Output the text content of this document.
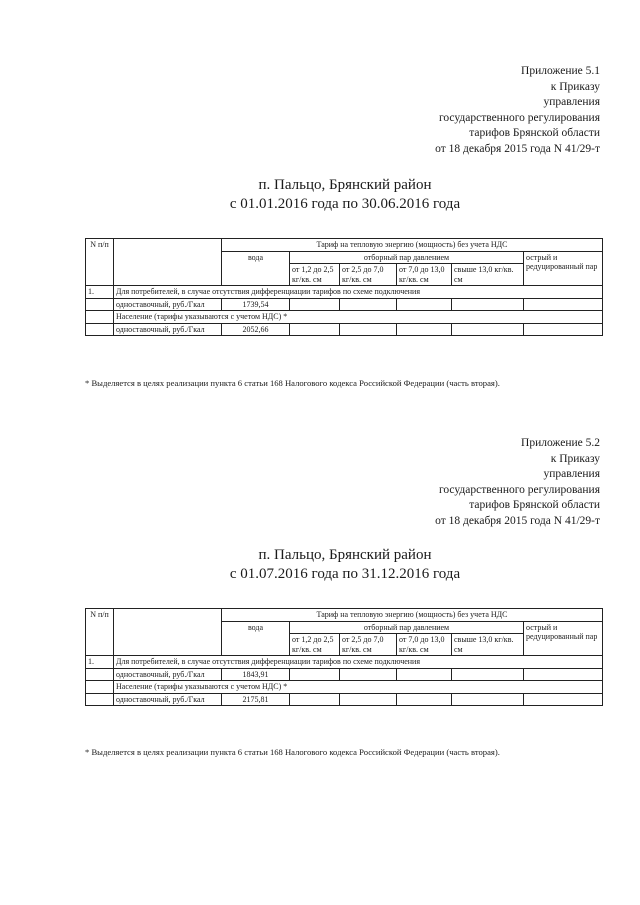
Приложение 5.1
к Приказу
управления
государственного регулирования
тарифов Брянской области
от 18 декабря 2015 года N 41/29-т
п. Пальцо, Брянский район
с 01.01.2016 года по 30.06.2016 года
N п/п		Тариф на тепловую энергию (мощность) без учета НДС					
		вода	отборный пар давлением				острый и редуцированный пар
			от 1,2 до 2,5 кг/кв. см	от 2,5 до 7,0 кг/кв. см	от 7,0 до 13,0 кг/кв. см	свыше 13,0 кг/кв. см	
1.	Для потребителей, в случае отсутствия дифференциации тарифов по схеме подключения						
	одноставочный, руб./Гкал	1739,54					
	Население (тарифы указываются с учетом НДС) *						
	одноставочный, руб./Гкал	2052,66					
* Выделяется в целях реализации пункта 6 статьи 168 Налогового кодекса Российской Федерации (часть вторая).
Приложение 5.2
к Приказу
управления
государственного регулирования
тарифов Брянской области
от 18 декабря 2015 года N 41/29-т
п. Пальцо, Брянский район
с 01.07.2016 года по 31.12.2016 года
N п/п		Тариф на тепловую энергию (мощность) без учета НДС					
		вода	отборный пар давлением				острый и редуцированный пар
			от 1,2 до 2,5 кг/кв. см	от 2,5 до 7,0 кг/кв. см	от 7,0 до 13,0 кг/кв. см	свыше 13,0 кг/кв. см	
1.	Для потребителей, в случае отсутствия дифференциации тарифов по схеме подключения						
	одноставочный, руб./Гкал	1843,91					
	Население (тарифы указываются с учетом НДС) *						
	одноставочный, руб./Гкал	2175,81					
* Выделяется в целях реализации пункта 6 статьи 168 Налогового кодекса Российской Федерации (часть вторая).
